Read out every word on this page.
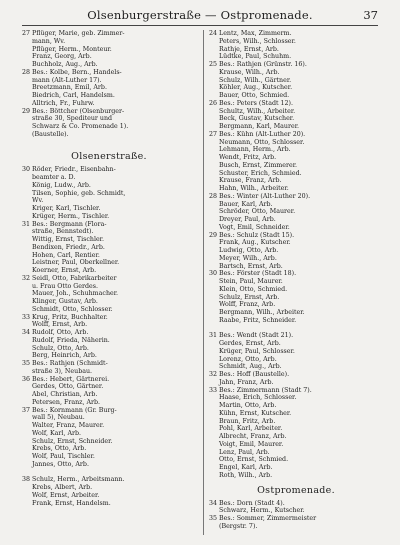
Olsenburgerstraße — Ostpromenade.	37
27 Pflüger, Marie, geb. Zimmer-
mann, Wv.
Pflüger, Herm., Monteur.
Franz, Georg, Arb.
Buchholz, Aug., Arb.
28 Bes.: Kolbe, Bern., Handels-
mann (Alt-Luther 17).
Breetzmann, Emil, Arb.
Biedrich, Carl, Handelsm.
Alltrich, Fr., Fuhrw.
29 Bes.: Böttcher (Olsenburger-
straße 30, Spediteur und
Schwarz & Co. Promenade 1).
(Baustelle).
Olsenerstraße.
30 Röder, Friedr., Eisenbahn-
beamter a. D.
König, Ludw., Arb.
Tilsen, Sophie, geb. Schmidt,
Wv.
Kriger, Karl, Tischler.
Krüger, Herm., Tischler.
31 Bes.: Bergmann (Flora-
straße, Bennstedt).
Wittig, Ernst, Tischler.
Bendixen, Friedr., Arb.
Hohen, Carl, Rentier.
Leistner, Paul, Oberkellner.
Koerner, Ernst, Arb.
32 Seidl, Otto, Fabrikarbeiter
u. Frau Otto Gerdes.
Mauer, Joh., Schuhmacher.
Klinger, Gustav, Arb.
Schmidt, Otto, Schlosser.
33 Krug, Fritz, Buchhalter.
Wolff, Ernst, Arb.
34 Rudolf, Otto, Arb.
Rudolf, Frieda, Näherin.
Schulz, Otto, Arb.
Berg, Heinrich, Arb.
35 Bes.: Rathjen (Schmidt-
straße 3), Neubau.
36 Bes.: Hebert, Gärtnerei.
Gerdes, Otto, Gärtner.
Abel, Christian, Arb.
Petersen, Franz, Arb.
37 Bes.: Kornmann (Gr. Burg-
wall 5), Neubau.
Walter, Franz, Maurer.
Wolf, Karl, Arb.
Schulz, Ernst, Schneider.
Krebs, Otto, Arb.
Wolf, Paul, Tischler.
Jannes, Otto, Arb.
38 Schulz, Herm., Arbeitsmann.
Krebs, Albert, Arb.
Wolf, Ernst, Arbeiter.
Frank, Ernst, Handelsm.
24 Lentz, Max, Zimmerm.
Peters, Wilh., Schlosser.
Rathje, Ernst, Arb.
Lüdtke, Paul, Schuhm.
25 Bes.: Rathjen (Grünstr. 16).
Krause, Wilh., Arb.
Schulz, Wilh., Gärtner.
Köhler, Aug., Kutscher.
Bauer, Otto, Schmied.
26 Bes.: Peters (Stadt 12).
Schultz, Wilh., Arbeiter.
Beck, Gustav, Kutscher.
Bergmann, Karl, Maurer.
27 Bes.: Kühn (Alt-Luther 20).
Neumann, Otto, Schlosser.
Lehmann, Herm., Arb.
Wendt, Fritz, Arb.
Busch, Ernst, Zimmerer.
Schuster, Erich, Schmied.
Krause, Franz, Arb.
Hahn, Wilh., Arbeiter.
28 Bes.: Winter (Alt-Luther 20).
Bauer, Karl, Arb.
Schröder, Otto, Maurer.
Dreyer, Paul, Arb.
Vogt, Emil, Schneider.
29 Bes.: Schulz (Stadt 15).
Frank, Aug., Kutscher.
Ludwig, Otto, Arb.
Meyer, Wilh., Arb.
Bartsch, Ernst, Arb.
30 Bes.: Förster (Stadt 18).
Stein, Paul, Maurer.
Klein, Otto, Schmied.
Schulz, Ernst, Arb.
Wolff, Franz, Arb.
Bergmann, Wilh., Arbeiter.
Raabe, Fritz, Schneider.
31 Bes.: Wendt (Stadt 21).
Gerdes, Ernst, Arb.
Krüger, Paul, Schlosser.
Lorenz, Otto, Arb.
Schmidt, Aug., Arb.
32 Bes.: Hoff (Baustelle).
Jahn, Franz, Arb.
33 Bes.: Zimmermann (Stadt 7).
Haase, Erich, Schlosser.
Martin, Otto, Arb.
Kühn, Ernst, Kutscher.
Braun, Fritz, Arb.
Pohl, Karl, Arbeiter.
Albrecht, Franz, Arb.
Voigt, Emil, Maurer.
Lenz, Paul, Arb.
Otto, Ernst, Schmied.
Engel, Karl, Arb.
Roth, Wilh., Arb.
Ostpromenade.
34 Bes.: Dorn (Stadt 4).
Schwarz, Herm., Kutscher.
35 Bes.: Sommer, Zimmermeister
(Bergstr. 7).
